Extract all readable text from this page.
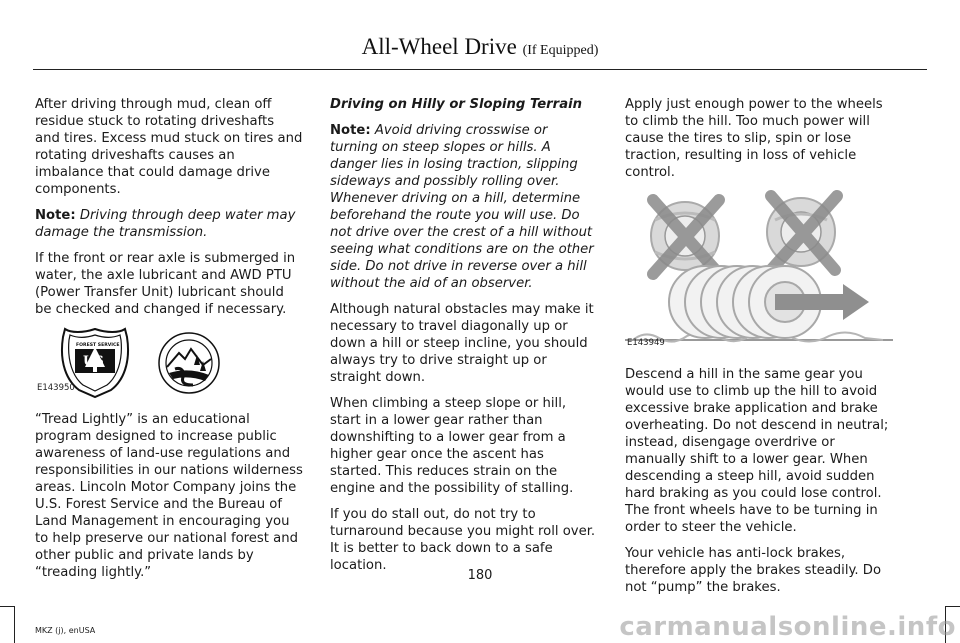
All-Wheel Drive (If Equipped)

After driving through mud, clean off residue stuck to rotating driveshafts and tires. Excess mud stuck on tires and rotating driveshafts causes an imbalance that could damage drive components.

Note: Driving through deep water may damage the transmission.

If the front or rear axle is submerged in water, the axle lubricant and AWD PTU (Power Transfer Unit) lubricant should be checked and changed if necessary.

US
FOREST SERVICE
E143950

“Tread Lightly” is an educational program designed to increase public awareness of land-use regulations and responsibilities in our nations wilderness areas. Lincoln Motor Company joins the U.S. Forest Service and the Bureau of Land Management in encouraging you to help preserve our national forest and other public and private lands by “treading lightly.”

Driving on Hilly or Sloping Terrain

Note: Avoid driving crosswise or turning on steep slopes or hills. A danger lies in losing traction, slipping sideways and possibly rolling over. Whenever driving on a hill, determine beforehand the route you will use. Do not drive over the crest of a hill without seeing what conditions are on the other side. Do not drive in reverse over a hill without the aid of an observer.

Although natural obstacles may make it necessary to travel diagonally up or down a hill or steep incline, you should always try to drive straight up or straight down.

When climbing a steep slope or hill, start in a lower gear rather than downshifting to a lower gear from a higher gear once the ascent has started. This reduces strain on the engine and the possibility of stalling.

If you do stall out, do not try to turnaround because you might roll over. It is better to back down to a safe location.

Apply just enough power to the wheels to climb the hill. Too much power will cause the tires to slip, spin or lose traction, resulting in loss of vehicle control.

E143949

Descend a hill in the same gear you would use to climb up the hill to avoid excessive brake application and brake overheating. Do not descend in neutral; instead, disengage overdrive or manually shift to a lower gear. When descending a steep hill, avoid sudden hard braking as you could lose control. The front wheels have to be turning in order to steer the vehicle.

Your vehicle has anti-lock brakes, therefore apply the brakes steadily. Do not “pump” the brakes.

180
MKZ (j), enUSA	carmanualsonline.info
